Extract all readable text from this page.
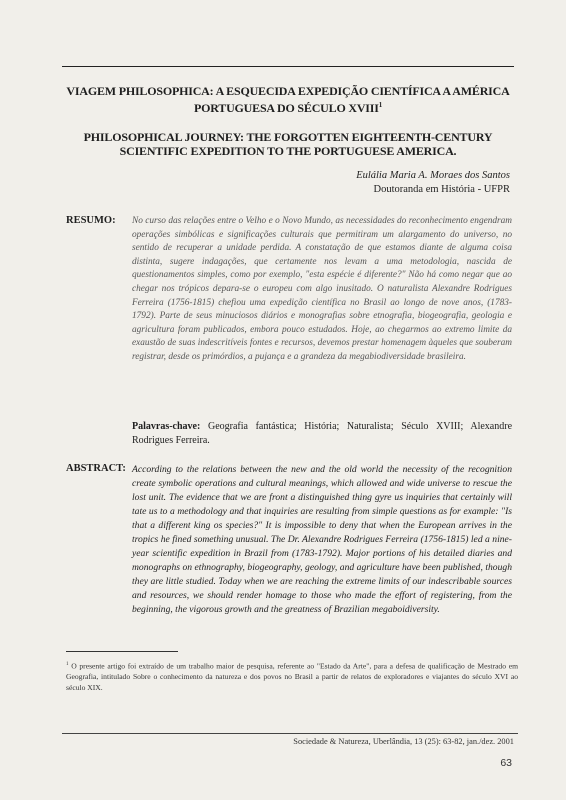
VIAGEM PHILOSOPHICA: A ESQUECIDA EXPEDIÇÃO CIENTÍFICA A AMÉRICA
PORTUGUESA DO SÉCULO XVIII$^1$
PHILOSOPHICAL JOURNEY: THE FORGOTTEN EIGHTEENTH-CENTURY
SCIENTIFIC EXPEDITION TO THE PORTUGUESE AMERICA.
Eulália Maria A. Moraes dos Santos
Doutoranda em História - UFPR
RESUMO: No curso das relações entre o Velho e o Novo Mundo, as necessidades do reconhecimento engendram operações simbólicas e significações culturais que permitiram um alargamento do universo, no sentido de recuperar a unidade perdida. A constatação de que estamos diante de alguma coisa distinta, sugere indagações, que certamente nos levam a uma metodologia, nascida de questionamentos simples, como por exemplo, "esta espécie é diferente?" Não há como negar que ao chegar nos trópicos depara-se o europeu com algo inusitado. O naturalista Alexandre Rodrigues Ferreira (1756-1815) chefiou uma expedição científica no Brasil ao longo de nove anos, (1783-1792). Parte de seus minuciosos diários e monografias sobre etnografia, biogeografia, geologia e agricultura foram publicados, embora pouco estudados. Hoje, ao chegarmos ao extremo limite da exaustão de suas indescritíveis fontes e recursos, devemos prestar homenagem àqueles que souberam registrar, desde os primórdios, a pujança e a grandeza da megabiodiversidade brasileira.
Palavras-chave: Geografia fantástica; História; Naturalista; Século XVIII; Alexandre Rodrigues Ferreira.
ABSTRACT: According to the relations between the new and the old world the necessity of the recognition create symbolic operations and cultural meanings, which allowed and wide universe to rescue the lost unit. The evidence that we are front a distinguished thing gyre us inquiries that certainly will tate us to a methodology and that inquiries are resulting from simple questions as for example: "Is that a different king os species?" It is impossible to deny that when the European arrives in the tropics he fined something unusual. The Dr. Alexandre Rodrigues Ferreira (1756-1815) led a nine-year scientific expedition in Brazil from (1783-1792). Major portions of his detailed diaries and monographs on ethnography, biogeography, geology, and agriculture have been published, though they are little studied. Today when we are reaching the extreme limits of our indescribable sources and resources, we should render homage to those who made the effort of registering, from the beginning, the vigorous growth and the greatness of Brazilian megaboidiversity.
$^1$ O presente artigo foi extraído de um trabalho maior de pesquisa, referente ao "Estado da Arte", para a defesa de qualificação de Mestrado em Geografia, intitulado Sobre o conhecimento da natureza e dos povos no Brasil a partir de relatos de exploradores e viajantes do século XVI ao século XIX.
Sociedade & Natureza, Uberlândia, 13 (25): 63-82, jan./dez. 2001
63
